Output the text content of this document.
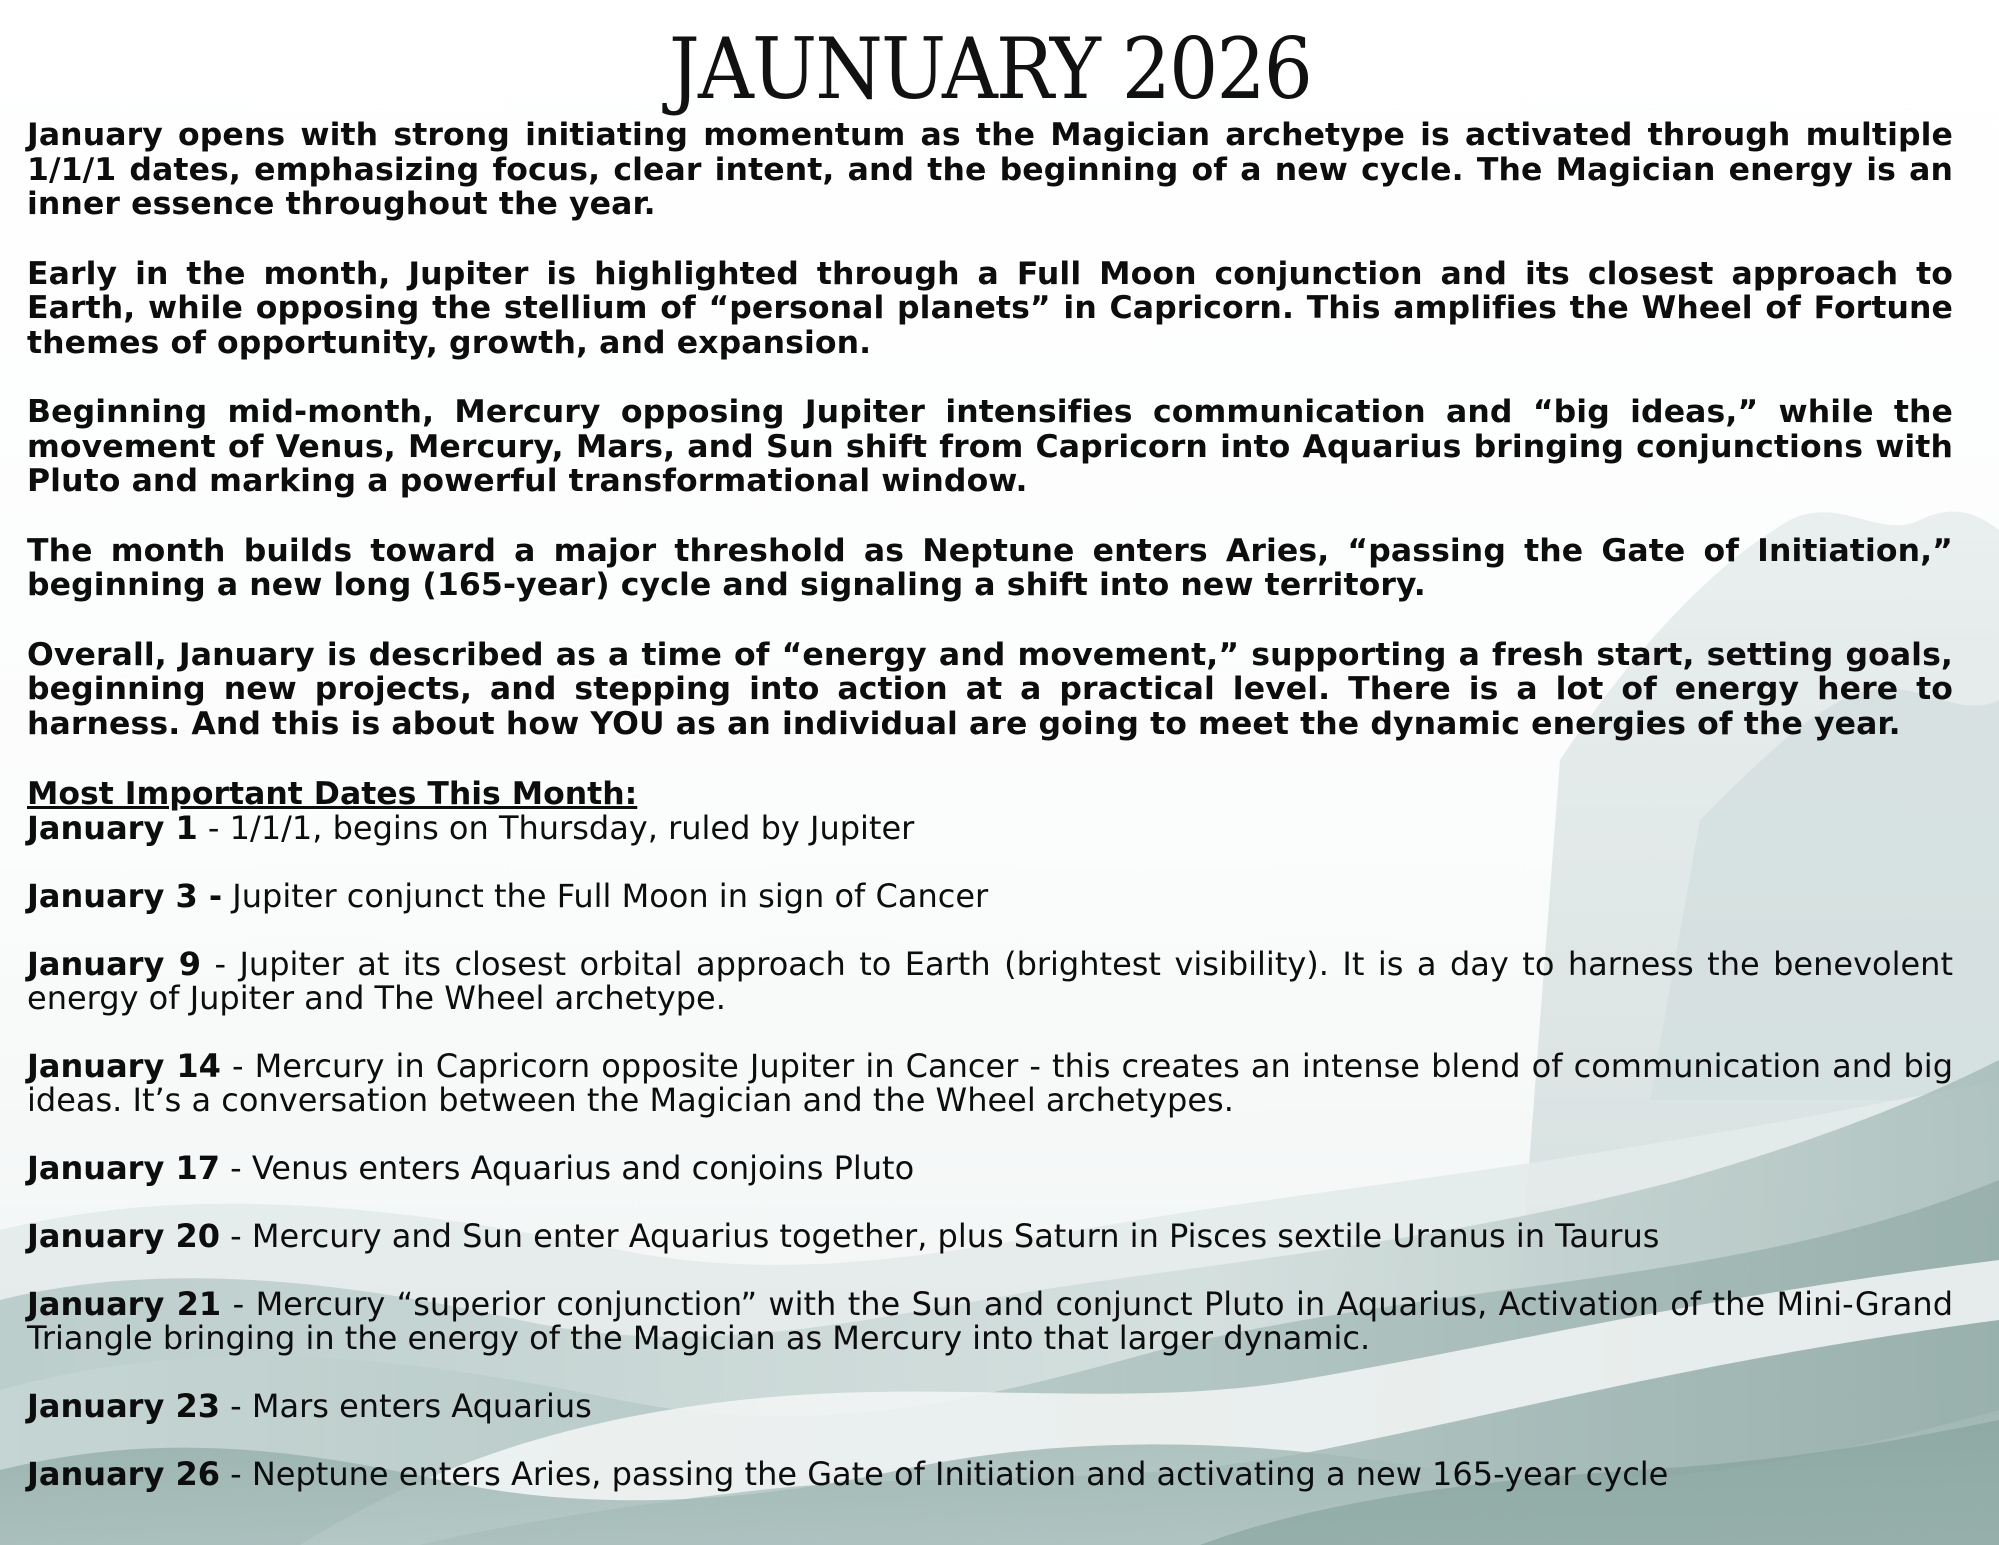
JAUNUARY 2026

January opens with strong initiating momentum as the Magician archetype is activated through multiple 1/1/1 dates, emphasizing focus, clear intent, and the beginning of a new cycle. The Magician energy is an inner essence throughout the year.

Early in the month, Jupiter is highlighted through a Full Moon conjunction and its closest approach to Earth, while opposing the stellium of “personal planets” in Capricorn. This amplifies the Wheel of Fortune themes of opportunity, growth, and expansion.

Beginning mid-month, Mercury opposing Jupiter intensifies communication and “big ideas,” while the movement of Venus, Mercury, Mars, and Sun shift from Capricorn into Aquarius bringing conjunctions with Pluto and marking a powerful transformational window.

The month builds toward a major threshold as Neptune enters Aries, “passing the Gate of Initiation,” beginning a new long (165-year) cycle and signaling a shift into new territory.

Overall, January is described as a time of “energy and movement,” supporting a fresh start, setting goals, beginning new projects, and stepping into action at a practical level. There is a lot of energy here to harness. And this is about how YOU as an individual are going to meet the dynamic energies of the year.

Most Important Dates This Month:

January 1 - 1/1/1, begins on Thursday, ruled by Jupiter

January 3 - Jupiter conjunct the Full Moon in sign of Cancer

January 9 - Jupiter at its closest orbital approach to Earth (brightest visibility). It is a day to harness the benevolent energy of Jupiter and The Wheel archetype.

January 14 - Mercury in Capricorn opposite Jupiter in Cancer - this creates an intense blend of communication and big ideas. It’s a conversation between the Magician and the Wheel archetypes.

January 17 - Venus enters Aquarius and conjoins Pluto

January 20 - Mercury and Sun enter Aquarius together, plus Saturn in Pisces sextile Uranus in Taurus

January 21 - Mercury “superior conjunction” with the Sun and conjunct Pluto in Aquarius, Activation of the Mini-Grand Triangle bringing in the energy of the Magician as Mercury into that larger dynamic.

January 23 - Mars enters Aquarius

January 26 - Neptune enters Aries, passing the Gate of Initiation and activating a new 165-year cycle
